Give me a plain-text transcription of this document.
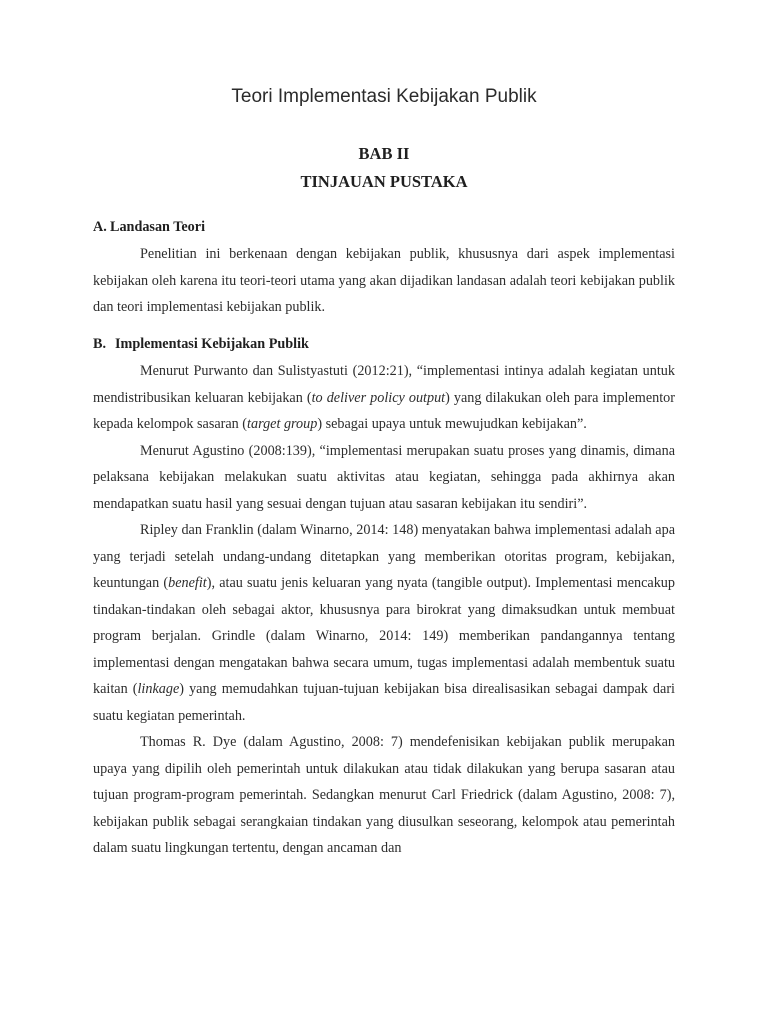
Teori Implementasi Kebijakan Publik
BAB II
TINJAUAN PUSTAKA
A. Landasan Teori

Penelitian ini berkenaan dengan kebijakan publik, khususnya dari aspek implementasi kebijakan oleh karena itu teori-teori utama yang akan dijadikan landasan adalah teori kebijakan publik dan teori implementasi kebijakan publik.

B. Implementasi Kebijakan Publik

Menurut Purwanto dan Sulistyastuti (2012:21), “implementasi intinya adalah kegiatan untuk mendistribusikan keluaran kebijakan (to deliver policy output) yang dilakukan oleh para implementor kepada kelompok sasaran (target group) sebagai upaya untuk mewujudkan kebijakan”.

Menurut Agustino (2008:139), “implementasi merupakan suatu proses yang dinamis, dimana pelaksana kebijakan melakukan suatu aktivitas atau kegiatan, sehingga pada akhirnya akan mendapatkan suatu hasil yang sesuai dengan tujuan atau sasaran kebijakan itu sendiri”.

Ripley dan Franklin (dalam Winarno, 2014: 148) menyatakan bahwa implementasi adalah apa yang terjadi setelah undang-undang ditetapkan yang memberikan otoritas program, kebijakan, keuntungan (benefit), atau suatu jenis keluaran yang nyata (tangible output). Implementasi mencakup tindakan-tindakan oleh sebagai aktor, khususnya para birokrat yang dimaksudkan untuk membuat program berjalan. Grindle (dalam Winarno, 2014: 149) memberikan pandangannya tentang implementasi dengan mengatakan bahwa secara umum, tugas implementasi adalah membentuk suatu kaitan (linkage) yang memudahkan tujuan-tujuan kebijakan bisa direalisasikan sebagai dampak dari suatu kegiatan pemerintah.

Thomas R. Dye (dalam Agustino, 2008: 7) mendefenisikan kebijakan publik merupakan upaya yang dipilih oleh pemerintah untuk dilakukan atau tidak dilakukan yang berupa sasaran atau tujuan program-program pemerintah. Sedangkan menurut Carl Friedrick (dalam Agustino, 2008: 7), kebijakan publik sebagai serangkaian tindakan yang diusulkan seseorang, kelompok atau pemerintah dalam suatu lingkungan tertentu, dengan ancaman dan
